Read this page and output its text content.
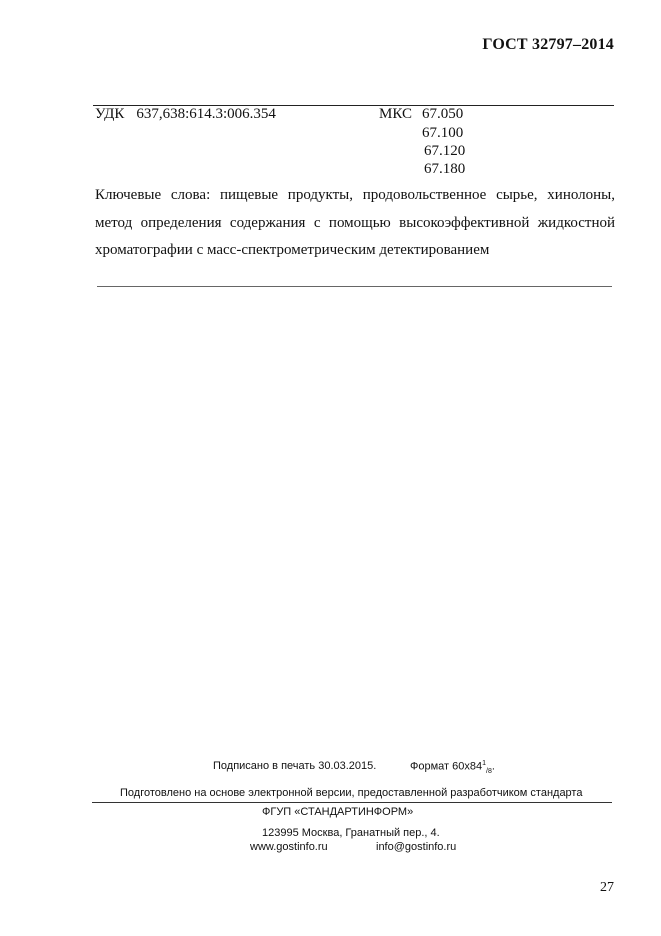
ГОСТ 32797–2014
УДК 637,638:614.3:006.354	МКС 67.050
67.100
67.120
67.180
Ключевые слова: пищевые продукты, продовольственное сырье, хинолоны,
метод определения содержания с помощью высокоэффективной жидкостной
хроматографии с масс-спектрометрическим детектированием
Подписано в печать 30.03.2015.	Формат $60x84^1_{/8}$.
Подготовлено на основе электронной версии, предоставленной разработчиком стандарта
ФГУП «СТАНДАРТИНФОРМ»
123995 Москва, Гранатный пер., 4.
www.gostinfo.ru	info@gostinfo.ru
27
